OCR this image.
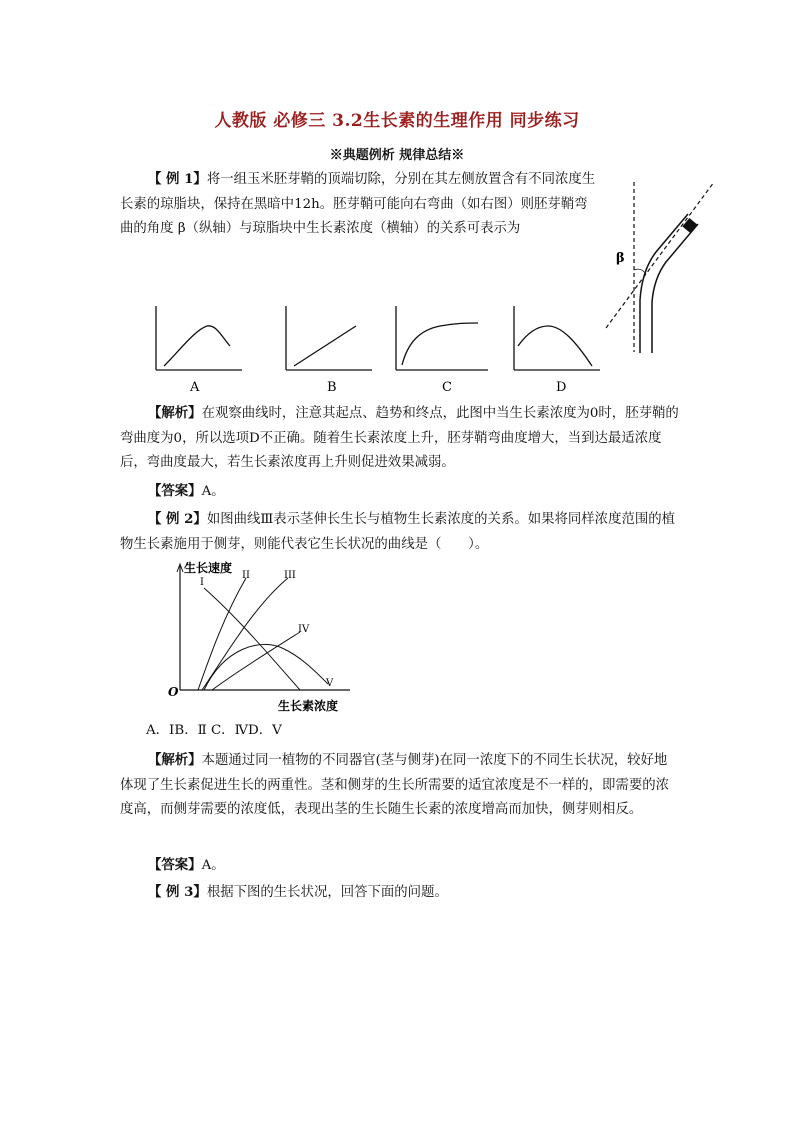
人教版 必修三 3.2生长素的生理作用 同步练习
※典题例析 规律总结※

【 例 1】将一组玉米胚芽鞘的顶端切除，分别在其左侧放置含有不同浓度生长素的琼脂块，保持在黑暗中12h。胚芽鞘可能向右弯曲（如右图）则胚芽鞘弯曲的角度 β（纵轴）与琼脂块中生长素浓度（横轴）的关系可表示为

β
A	B	C	D

【解析】在观察曲线时，注意其起点、趋势和终点，此图中当生长素浓度为0时，胚芽鞘的弯曲度为0，所以选项D不正确。随着生长素浓度上升，胚芽鞘弯曲度增大，当到达最适浓度后，弯曲度最大，若生长素浓度再上升则促进效果减弱。

【答案】A。

【 例 2】如图曲线Ⅲ表示茎伸长生长与植物生长素浓度的关系。如果将同样浓度范围的植物生长素施用于侧芽，则能代表它生长状况的曲线是（　　）。

生长速度
O
生长素浓度
I
II	III
IV
V

A．ⅠB．Ⅱ C．ⅣD．Ⅴ

【解析】本题通过同一植物的不同器官(茎与侧芽)在同一浓度下的不同生长状况，较好地体现了生长素促进生长的两重性。茎和侧芽的生长所需要的适宜浓度是不一样的，即需要的浓度高，而侧芽需要的浓度低，表现出茎的生长随生长素的浓度增高而加快，侧芽则相反。

【答案】A。

【 例 3】根据下图的生长状况，回答下面的问题。
